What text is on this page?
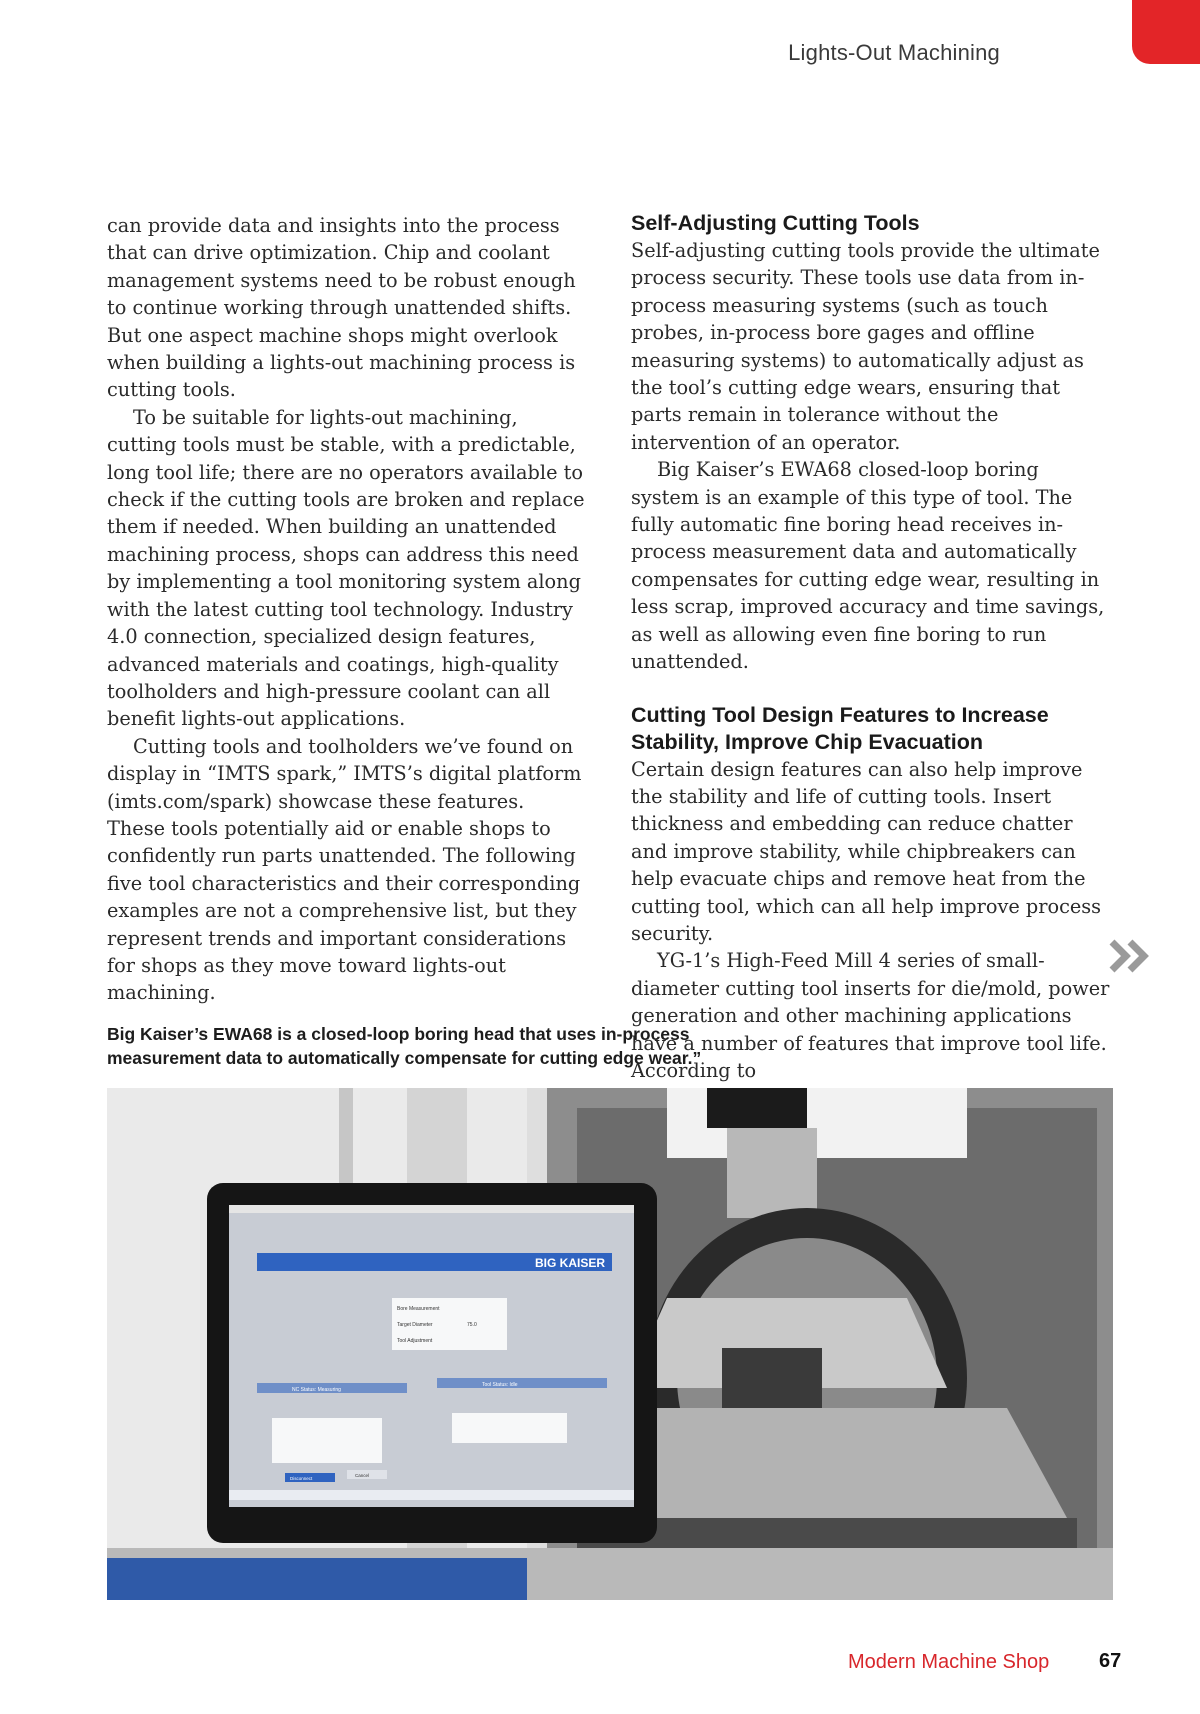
Lights-Out Machining

can provide data and insights into the process that can drive optimization. Chip and coolant management systems need to be robust enough to continue working through unattended shifts. But one aspect machine shops might overlook when building a lights-out machining process is cutting tools.

To be suitable for lights-out machining, cutting tools must be stable, with a predictable, long tool life; there are no operators available to check if the cutting tools are broken and replace them if needed. When building an unattended machining process, shops can address this need by implementing a tool monitoring system along with the latest cutting tool technology. Industry 4.0 connection, specialized design features, advanced materials and coatings, high-quality toolholders and high-pressure coolant can all benefit lights-out applications.

Cutting tools and toolholders we’ve found on display in “IMTS spark,” IMTS’s digital platform (imts.com/spark) showcase these features. These tools potentially aid or enable shops to confidently run parts unattended. The following five tool characteristics and their corresponding examples are not a comprehensive list, but they represent trends and important considerations for shops as they move toward lights-out machining.

Self-Adjusting Cutting Tools

Self-adjusting cutting tools provide the ultimate process security. These tools use data from in-process measuring systems (such as touch probes, in-process bore gages and offline measuring systems) to automatically adjust as the tool’s cutting edge wears, ensuring that parts remain in tolerance without the intervention of an operator.

Big Kaiser’s EWA68 closed-loop boring system is an example of this type of tool. The fully automatic fine boring head receives in-process measurement data and automatically compensates for cutting edge wear, resulting in less scrap, improved accuracy and time savings, as well as allowing even fine boring to run unattended.

Cutting Tool Design Features to Increase Stability, Improve Chip Evacuation

Certain design features can also help improve the stability and life of cutting tools. Insert thickness and embedding can reduce chatter and improve stability, while chipbreakers can help evacuate chips and remove heat from the cutting tool, which can all help improve process security.

YG-1’s High-Feed Mill 4 series of small-diameter cutting tool inserts for die/mold, power generation and other machining applications have a number of features that improve tool life. According to

Big Kaiser’s EWA68 is a closed-loop boring head that uses in-process measurement data to automatically compensate for cutting edge wear.”
BIG KAISER
Bore Measurement
Target Diameter	75.0
Tool Adjustment
NC Status: Measuring
Tool Status: Idle
Disconnect
Cancel
Modern Machine Shop 67
